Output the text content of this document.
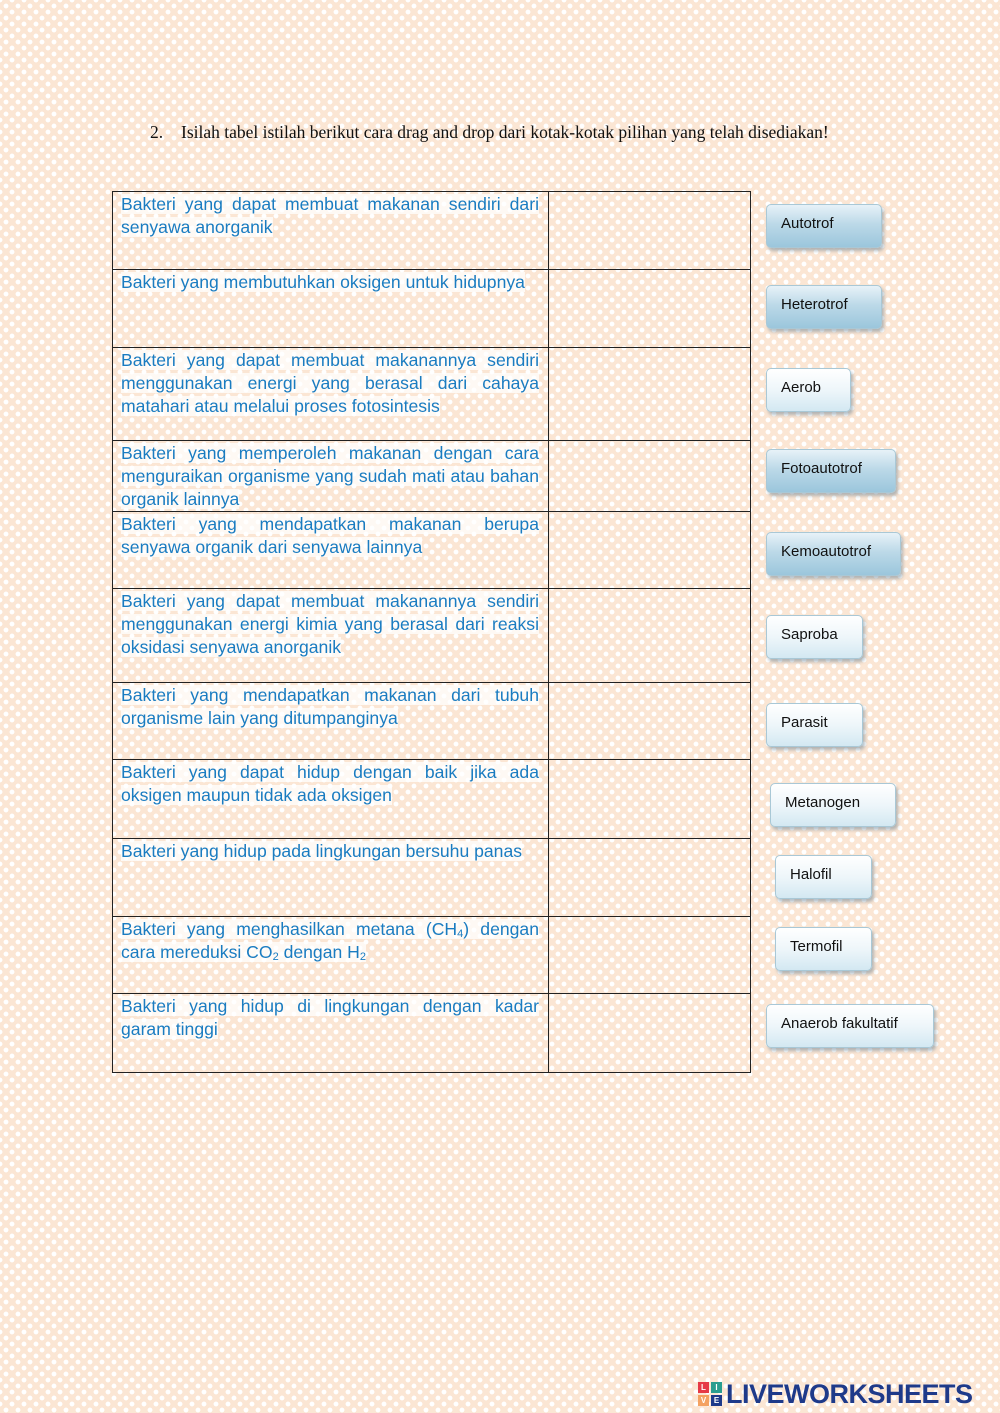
2. Isilah tabel istilah berikut cara drag and drop dari kotak-kotak pilihan yang telah disediakan!
Bakteri yang dapat membuat makanan sendiri dari senyawa anorganik	
Bakteri yang membutuhkan oksigen untuk hidupnya	
Bakteri yang dapat membuat makanannya sendiri menggunakan energi yang berasal dari cahaya matahari atau melalui proses fotosintesis	
Bakteri yang memperoleh makanan dengan cara menguraikan organisme yang sudah mati atau bahan organik lainnya	
Bakteri yang mendapatkan makanan berupa senyawa organik dari senyawa lainnya	
Bakteri yang dapat membuat makanannya sendiri menggunakan energi kimia yang berasal dari reaksi oksidasi senyawa anorganik	
Bakteri yang mendapatkan makanan dari tubuh organisme lain yang ditumpanginya	
Bakteri yang dapat hidup dengan baik jika ada oksigen maupun tidak ada oksigen	
Bakteri yang hidup pada lingkungan bersuhu panas	
Bakteri yang menghasilkan metana $(CH_4)$ dengan cara mereduksi $CO_2$ dengan $H_2$	
Bakteri yang hidup di lingkungan dengan kadar garam tinggi	
Autotrof
Heterotrof
Aerob
Fotoautotrof
Kemoautotrof
Saproba
Parasit
Metanogen
Halofil
Termofil
Anaerob fakultatif
L	I
V E LIVEWORKSHEETS
